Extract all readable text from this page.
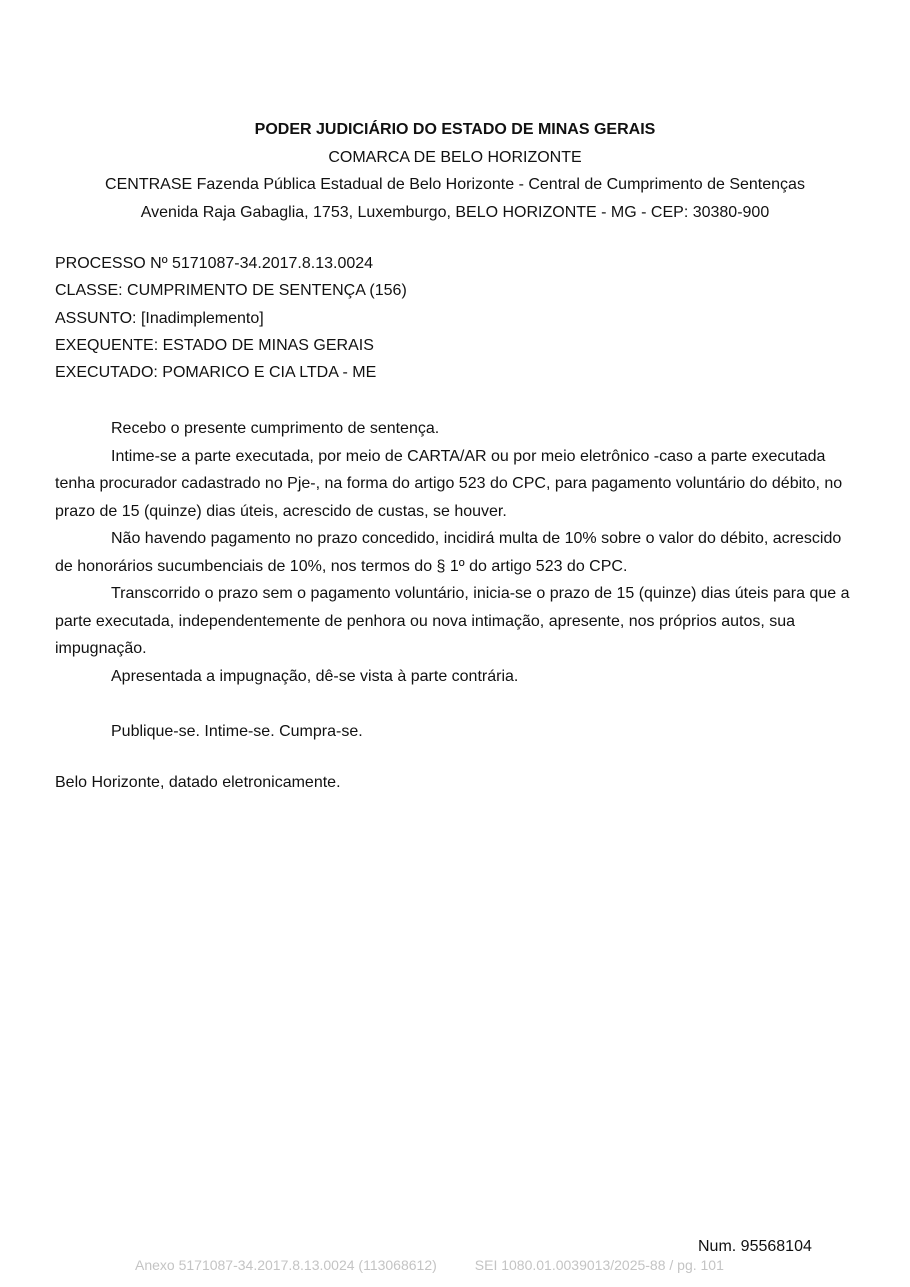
PODER JUDICIÁRIO DO ESTADO DE MINAS GERAIS
COMARCA DE BELO HORIZONTE
CENTRASE Fazenda Pública Estadual de Belo Horizonte - Central de Cumprimento de Sentenças
Avenida Raja Gabaglia, 1753, Luxemburgo, BELO HORIZONTE - MG - CEP: 30380-900
PROCESSO Nº 5171087-34.2017.8.13.0024
CLASSE: CUMPRIMENTO DE SENTENÇA (156)
ASSUNTO: [Inadimplemento]
EXEQUENTE: ESTADO DE MINAS GERAIS
EXECUTADO: POMARICO E CIA LTDA - ME

Recebo o presente cumprimento de sentença.

Intime-se a parte executada, por meio de CARTA/AR ou por meio eletrônico -caso a parte executada tenha procurador cadastrado no Pje-, na forma do artigo 523 do CPC, para pagamento voluntário do débito, no prazo de 15 (quinze) dias úteis, acrescido de custas, se houver.

Não havendo pagamento no prazo concedido, incidirá multa de 10% sobre o valor do débito, acrescido de honorários sucumbenciais de 10%, nos termos do § 1º do artigo 523 do CPC.

Transcorrido o prazo sem o pagamento voluntário, inicia-se o prazo de 15 (quinze) dias úteis para que a parte executada, independentemente de penhora ou nova intimação, apresente, nos próprios autos, sua impugnação.

Apresentada a impugnação, dê-se vista à parte contrária.

Publique-se. Intime-se. Cumpra-se.

Belo Horizonte, datado eletronicamente.
Num. 95568104
Anexo 5171087-34.2017.8.13.0024 (113068612)	SEI 1080.01.0039013/2025-88 / pg. 101
